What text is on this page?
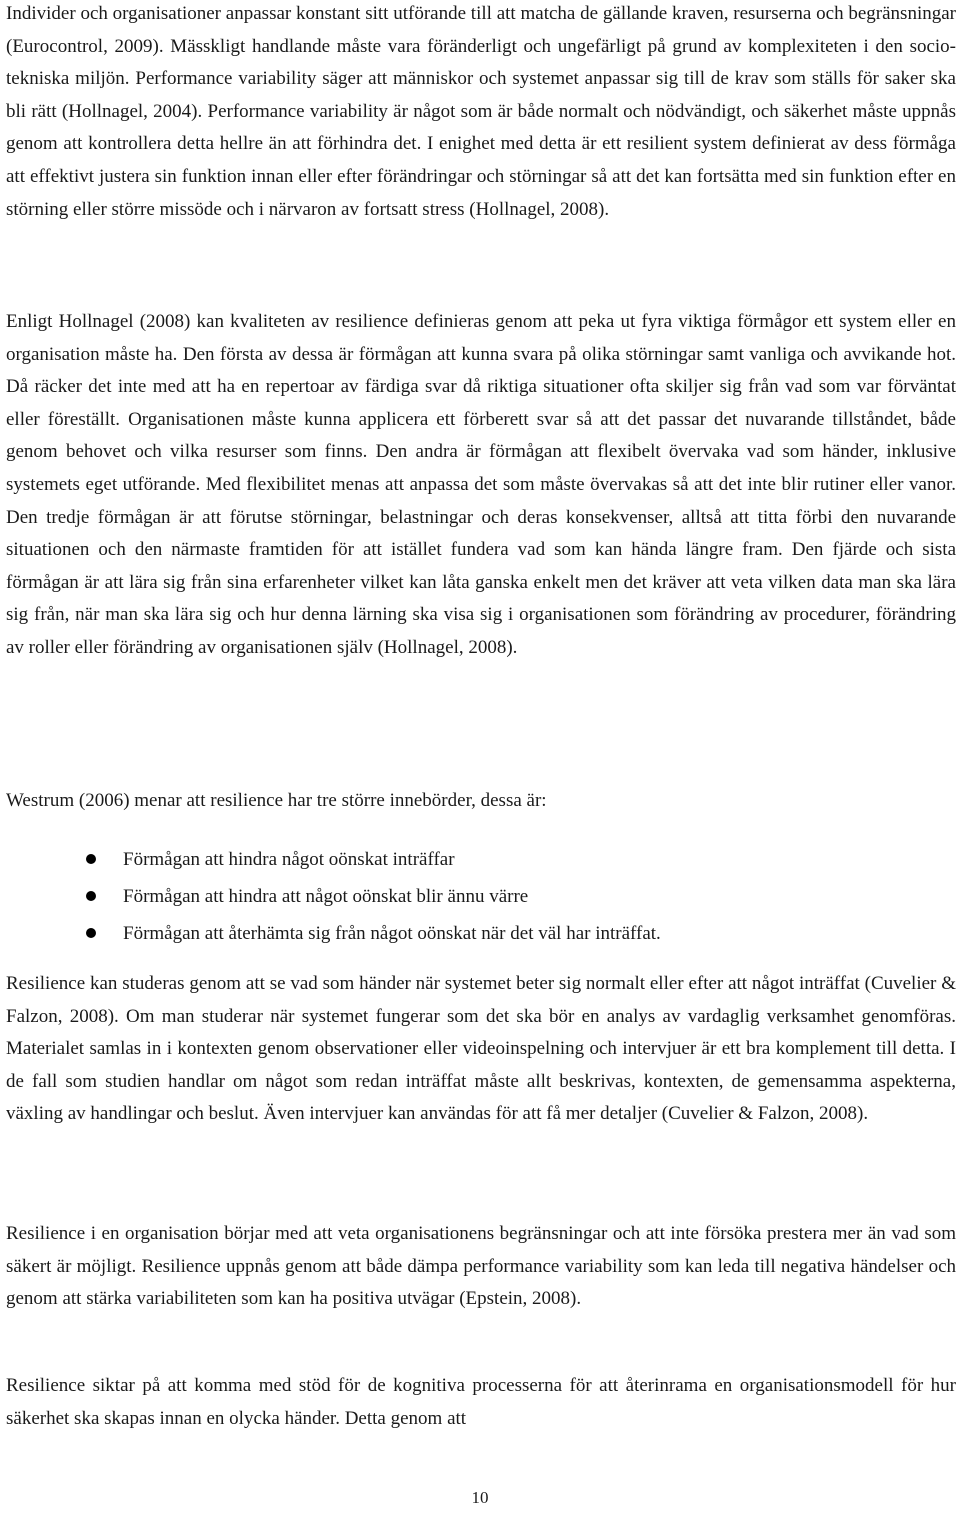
Individer och organisationer anpassar konstant sitt utförande till att matcha de gällande kraven, resurserna och begränsningar (Eurocontrol, 2009). Mässkligt handlande måste vara föränderligt och ungefärligt på grund av komplexiteten i den socio- tekniska miljön. Performance variability säger att människor och systemet anpassar sig till de krav som ställs för saker ska bli rätt (Hollnagel, 2004). Performance variability är något som är både normalt och nödvändigt, och säkerhet måste uppnås genom att kontrollera detta hellre än att förhindra det. I enighet med detta är ett resilient system definierat av dess förmåga att effektivt justera sin funktion innan eller efter förändringar och störningar så att det kan fortsätta med sin funktion efter en störning eller större missöde och i närvaron av fortsatt stress (Hollnagel, 2008).

Enligt Hollnagel (2008) kan kvaliteten av resilience definieras genom att peka ut fyra viktiga förmågor ett system eller en organisation måste ha. Den första av dessa är förmågan att kunna svara på olika störningar samt vanliga och avvikande hot. Då räcker det inte med att ha en repertoar av färdiga svar då riktiga situationer ofta skiljer sig från vad som var förväntat eller föreställt. Organisationen måste kunna applicera ett förberett svar så att det passar det nuvarande tillståndet, både genom behovet och vilka resurser som finns. Den andra är förmågan att flexibelt övervaka vad som händer, inklusive systemets eget utförande. Med flexibilitet menas att anpassa det som måste övervakas så att det inte blir rutiner eller vanor. Den tredje förmågan är att förutse störningar, belastningar och deras konsekvenser, alltså att titta förbi den nuvarande situationen och den närmaste framtiden för att istället fundera vad som kan hända längre fram. Den fjärde och sista förmågan är att lära sig från sina erfarenheter vilket kan låta ganska enkelt men det kräver att veta vilken data man ska lära sig från, när man ska lära sig och hur denna lärning ska visa sig i organisationen som förändring av procedurer, förändring av roller eller förändring av organisationen själv (Hollnagel, 2008).

Westrum (2006) menar att resilience har tre större innebörder, dessa är:

Förmågan att hindra något oönskat inträffar
Förmågan att hindra att något oönskat blir ännu värre
Förmågan att återhämta sig från något oönskat när det väl har inträffat.

Resilience kan studeras genom att se vad som händer när systemet beter sig normalt eller efter att något inträffat (Cuvelier & Falzon, 2008). Om man studerar när systemet fungerar som det ska bör en analys av vardaglig verksamhet genomföras. Materialet samlas in i kontexten genom observationer eller videoinspelning och intervjuer är ett bra komplement till detta. I de fall som studien handlar om något som redan inträffat måste allt beskrivas, kontexten, de gemensamma aspekterna, växling av handlingar och beslut. Även intervjuer kan användas för att få mer detaljer (Cuvelier & Falzon, 2008).

Resilience i en organisation börjar med att veta organisationens begränsningar och att inte försöka prestera mer än vad som säkert är möjligt. Resilience uppnås genom att både dämpa performance variability som kan leda till negativa händelser och genom att stärka variabiliteten som kan ha positiva utvägar (Epstein, 2008).

Resilience siktar på att komma med stöd för de kognitiva processerna för att återinrama en organisationsmodell för hur säkerhet ska skapas innan en olycka händer. Detta genom att

10
